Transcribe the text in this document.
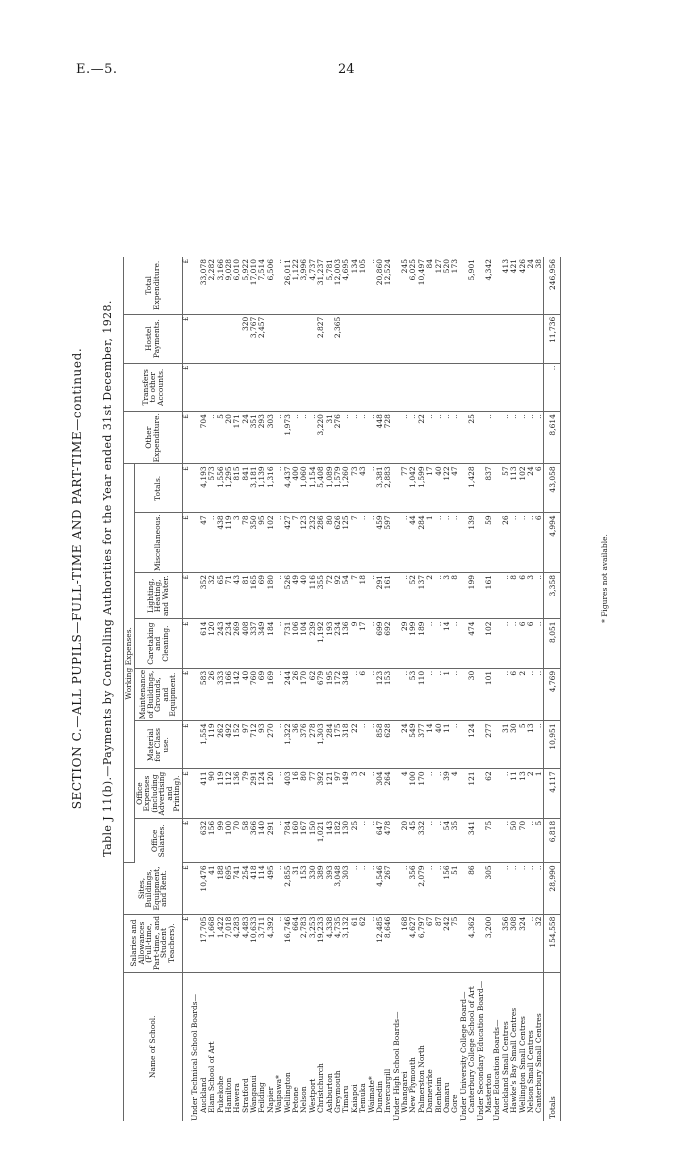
E.—5.	24
SECTION C.—ALL PUPILS—FULL-TIME AND PART-TIME—continued. Table J 11(b).—Payments by Controlling Authorities for the Year ended 31st December, 1928.
Name of School.	Salaries and Allowances (Full-time, Part-time, and Student Teachers).	Sites, Buildings, Equipment, and Rent.	Working Expenses.								Other Expenditure.	Transfers to other Accounts.	Hostel Payments.	Total Expenditure.
			Office Salaries.	Office Expenses (including Advertising and Printing).	Material for Class use.	Maintenance of Buildings, Grounds, and Equipment.	Caretaking and Cleaning.	Lighting, Heating, and Water.	Miscellaneous.	Totals.				
	£	£	£	£	£	£	£	£	£	£	£	£	£	£
Under Technical School Boards—														
Auckland	17,705	10,476	632	411	1,554	583	614	352	47	4,193	704			33,078
Elam School of Art	1,668	41	156	90	119	26	120	32	..	573	..			2,282
Pukekohe	1,422	188	99	119	262	333	243	65	438	1,556	5			3,166
Hamilton	7,018	695	100	112	492	166	234	71	119	1,295	20			9,028
Hawera	4,283	741	70	136	152	142	269	43	3	815	171			6,010
Stratford	4,483	254	58	79	97	40	408	81	78	841	24		320	5,922
Wanganui	10,633	418	366	291	712	760	337	165	350	3,181	351		3,767	17,010
Feilding	3,711	114	140	124	93	69	349	69	95	1,139	293		2,457	7,514
Napier	4,392	495	291	120	270	169	184	180	102	1,316	303			6,506
Waipawa*	..	..	..	..	..	..	..	..	..	..	..			..
Wellington	16,746	2,855	784	403	1,322	244	731	526	427	4,437	1,973			26,011
Petone	664	31	160	16	36	26	106	49	7	400	..			1,122
Nelson	2,783	153	167	80	376	170	104	40	123	1,060	..			3,996
Westport	3,253	330	150	77	278	62	239	116	232	1,154	..			4,737
Christchurch	19,233	389	1,021	392	1,303	679	1,192	355	286	5,408	3,220		2,827	31,237
Ashburton	4,338	393	143	121	284	195	193	72	80	1,089	31			5,781
Greymouth	4,735	3,048	182	97	175	172	234	92	626	1,579	276		2,365	12,003
Timaru	3,132	303	130	149	318	348	136	54	125	1,260	..			4,695
Kaiapoi	61	..	25	3	22	..	9	7	7	73	..			134
Temuka	62	..	..	2	..	6	17	18	..	43	..			105
Waimate*	..	..	..	..	..	..	..	..	..	..	..			..
Dunedin	12,485	4,546	647	304	858	123	699	291	459	3,381	448			20,860
Invercargill	8,646	267	478	264	628	153	692	161	597	2,883	728			12,524
Under High School Boards—														
Whangarei	168	..	20	4	24	..	29	..	..	77	..			245
New Plymouth	4,627	356	45	100	549	53	199	52	44	1,042	..			6,025
Palmerston North	6,797	2,079	332	170	377	110	189	137	284	1,599	22			10,497
Dannevirke	67	..	..	..	14	..	..	2	1	17	..			84
Blenheim	87	..	..	..	40	..	..	..	..	40	..			127
Oamaru	242	156	54	39	11	1	14	3	..	122	..			520
Gore	75	51	35	4	..	..	..	8	..	47	..			173
Under University College Board—														
Canterbury College School of Art	4,362	86	341	121	124	30	474	199	139	1,428	25			5,901
Under Secondary Education Board—														
Masterton	3,200	305	75	62	277	101	102	161	59	837	..			4,342
Under Education Boards—														
Auckland Small Centres	356	..	..	..	31	..	..	..	26	57	..			413
Hawke's Bay Small Centres	308	..	50	11	30	6	..	8	..	113	..			421
Wellington Small Centres	324	..	70	13	5	2	6	6	..	102	..			426
Nelson Small Centres	..	..	..	2	13	..	6	3	..	24	..			24
Canterbury Small Centres	32	..	5	1	..	..	..	..	6	6	..			38
Totals	154,558	28,990	6,818	4,117	10,951	4,769	8,051	3,358	4,994	43,058	8,614	..	11,736	246,956
* Figures not available.
